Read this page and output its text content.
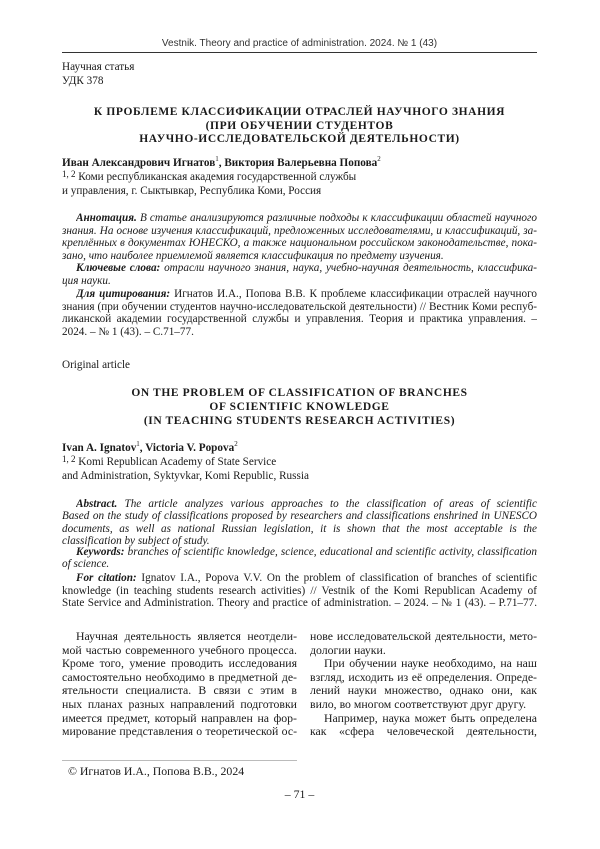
Vestnik. Theory and practice of administration. 2024. № 1 (43)
Научная статья
УДК 378
Иван Александрович Игнатов1, Виктория Валерьевна Попова2
1, 2 Коми республиканская академия государственной службы
и управления, г. Сыктывкар, Республика Коми, Россия
Original article
Ivan A. Ignatov1, Victoria V. Popova2
1, 2 Komi Republican Academy of State Service
and Administration, Syktyvkar, Komi Republic, Russia
К ПРОБЛЕМЕ КЛАССИФИКАЦИИ ОТРАСЛЕЙ НАУЧНОГО ЗНАНИЯ
(ПРИ ОБУЧЕНИИ СТУДЕНТОВ
НАУЧНО-ИССЛЕДОВАТЕЛЬСКОЙ ДЕЯТЕЛЬНОСТИ)
Аннотация. В статье анализируются различные подходы к классификации областей научного
знания. На основе изучения классификаций, предложенных исследователями, и классификаций, за-
креплённых в документах ЮНЕСКО, а также национальном российском законодательстве, пока-
зано, что наиболее приемлемой является классификация по предмету изучения.
Ключевые слова: отрасли научного знания, наука, учебно-научная деятельность, классифика-
ция науки.
Для цитирования: Игнатов И.А., Попова В.В. К проблеме классификации отраслей научного
знания (при обучении студентов научно-исследовательской деятельности) // Вестник Коми респуб-
ликанской академии государственной службы и управления. Теория и практика управления. –
2024. – № 1 (43). – С.71–77.
ON THE PROBLEM OF CLASSIFICATION OF BRANCHES
OF SCIENTIFIC KNOWLEDGE
(IN TEACHING STUDENTS RESEARCH ACTIVITIES)
Abstract. The article analyzes various approaches to the classification of areas of scientific
Based on the study of classifications proposed by researchers and classifications enshrined in UNESCO
documents, as well as national Russian legislation, it is shown that the most acceptable is the
classification by subject of study.
Keywords: branches of scientific knowledge, science, educational and scientific activity, classification
of science.
For citation: Ignatov I.A., Popova V.V. On the problem of classification of branches of scientific
knowledge (in teaching students research activities) // Vestnik of the Komi Republican Academy of
State Service and Administration. Theory and practice of administration. – 2024. – № 1 (43). – P.71–77.
Научная деятельность является неотдели-
мой частью современного учебного процесса.
Кроме того, умение проводить исследования
самостоятельно необходимо в предметной де-
ятельности специалиста. В связи с этим в
ных планах разных направлений подготовки
имеется предмет, который направлен на фор-
мирование представления о теоретической ос-
нове исследовательской деятельности, мето-
дологии науки.
При обучении науке необходимо, на наш
взгляд, исходить из её определения. Опреде-
лений науки множество, однако они, как
вило, во многом соответствуют друг другу.
Например, наука может быть определена
как «сфера человеческой деятельности,
© Игнатов И.А., Попова В.В., 2024
– 71 –
